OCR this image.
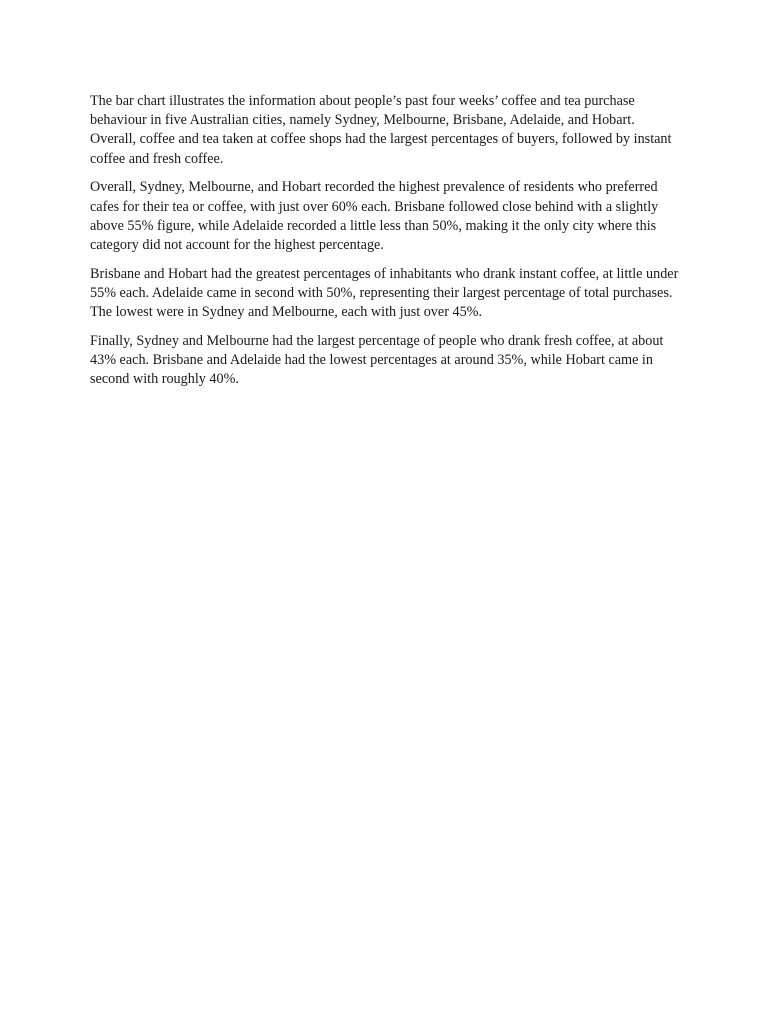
The bar chart illustrates the information about people’s past four weeks’ coffee and tea purchase behaviour in five Australian cities, namely Sydney, Melbourne, Brisbane, Adelaide, and Hobart. Overall, coffee and tea taken at coffee shops had the largest percentages of buyers, followed by instant coffee and fresh coffee.

Overall, Sydney, Melbourne, and Hobart recorded the highest prevalence of residents who preferred cafes for their tea or coffee, with just over 60% each. Brisbane followed close behind with a slightly above 55% figure, while Adelaide recorded a little less than 50%, making it the only city where this category did not account for the highest percentage.

Brisbane and Hobart had the greatest percentages of inhabitants who drank instant coffee, at little under 55% each. Adelaide came in second with 50%, representing their largest percentage of total purchases. The lowest were in Sydney and Melbourne, each with just over 45%.

Finally, Sydney and Melbourne had the largest percentage of people who drank fresh coffee, at about 43% each. Brisbane and Adelaide had the lowest percentages at around 35%, while Hobart came in second with roughly 40%.
